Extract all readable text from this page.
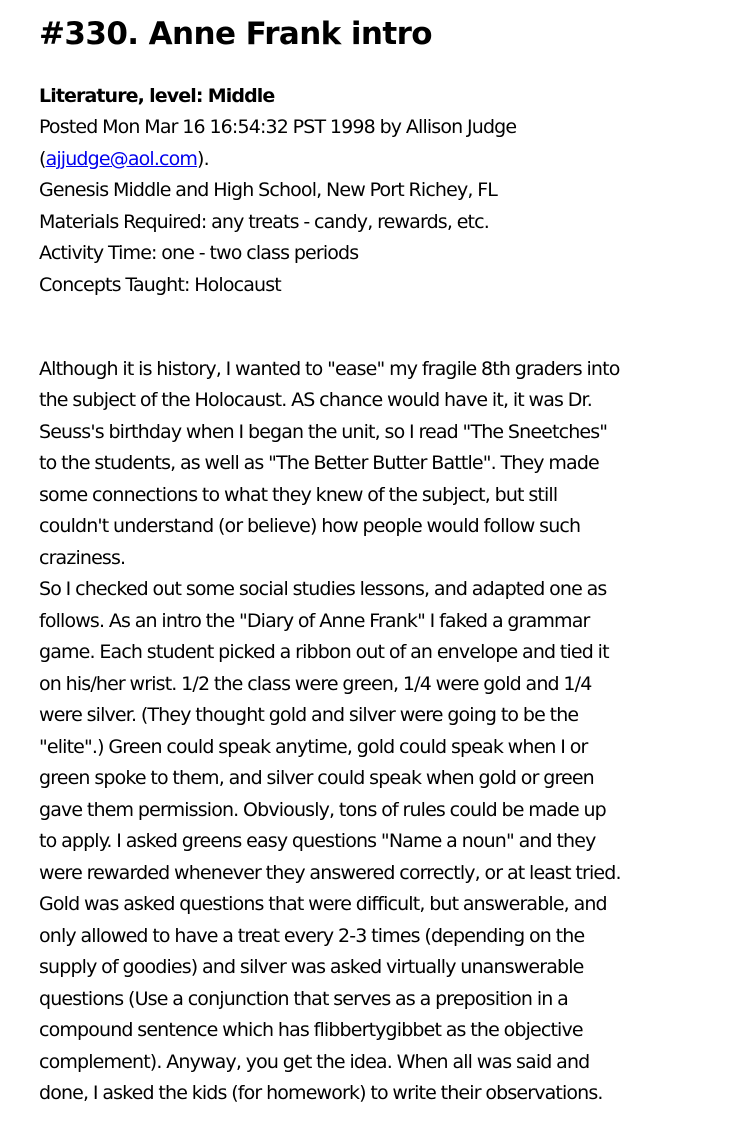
#330. Anne Frank intro
Literature, level: Middle
Posted Mon Mar 16 16:54:32 PST 1998 by Allison Judge
(ajjudge@aol.com).
Genesis Middle and High School, New Port Richey, FL
Materials Required: any treats - candy, rewards, etc.
Activity Time: one - two class periods
Concepts Taught: Holocaust
Although it is history, I wanted to "ease" my fragile 8th graders into
the subject of the Holocaust. AS chance would have it, it was Dr.
Seuss's birthday when I began the unit, so I read "The Sneetches"
to the students, as well as "The Better Butter Battle". They made
some connections to what they knew of the subject, but still
couldn't understand (or believe) how people would follow such
craziness.
So I checked out some social studies lessons, and adapted one as
follows. As an intro the "Diary of Anne Frank" I faked a grammar
game. Each student picked a ribbon out of an envelope and tied it
on his/her wrist. 1/2 the class were green, 1/4 were gold and 1/4
were silver. (They thought gold and silver were going to be the
"elite".) Green could speak anytime, gold could speak when I or
green spoke to them, and silver could speak when gold or green
gave them permission. Obviously, tons of rules could be made up
to apply. I asked greens easy questions "Name a noun" and they
were rewarded whenever they answered correctly, or at least tried.
Gold was asked questions that were difficult, but answerable, and
only allowed to have a treat every 2-3 times (depending on the
supply of goodies) and silver was asked virtually unanswerable
questions (Use a conjunction that serves as a preposition in a
compound sentence which has flibbertygibbet as the objective
complement). Anyway, you get the idea. When all was said and
done, I asked the kids (for homework) to write their observations.
